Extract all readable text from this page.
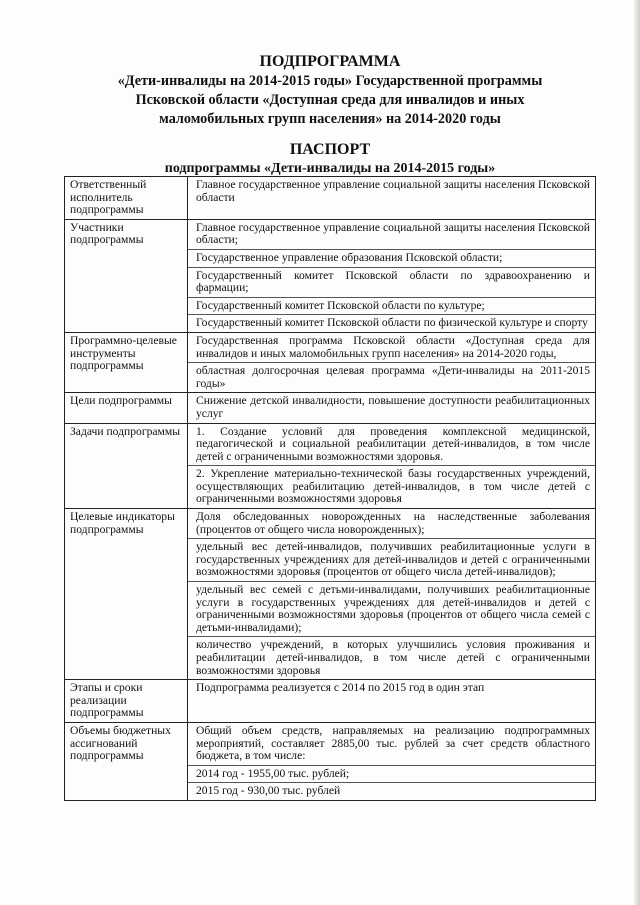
ПОДПРОГРАММА
«Дети-инвалиды на 2014-2015 годы» Государственной программы
Псковской области «Доступная среда для инвалидов и иных
маломобильных групп населения» на 2014-2020 годы
ПАСПОРТ
подпрограммы «Дети-инвалиды на 2014-2015 годы»
Ответственный исполнитель подпрограммы	Главное государственное управление социальной защиты населения Псковской области

Участники подпрограммы	Главное государственное управление социальной защиты населения Псковской области;
Государственное управление образования Псковской области;
Государственный комитет Псковской области по здравоохранению и фармации;
Государственный комитет Псковской области по культуре;
Государственный комитет Псковской области по физической культуре и спорту

Программно-целевые инструменты подпрограммы	Государственная программа Псковской области «Доступная среда для инвалидов и иных маломобильных групп населения» на 2014-2020 годы,
областная долгосрочная целевая программа «Дети-инвалиды на 2011-2015 годы»

Цели подпрограммы	Снижение детской инвалидности, повышение доступности реабилитационных услуг

Задачи подпрограммы	1. Создание условий для проведения комплексной медицинской, педагогической и социальной реабилитации детей-инвалидов, в том числе детей с ограниченными возможностями здоровья.
2. Укрепление материально-технической базы государственных учреждений, осуществляющих реабилитацию детей-инвалидов, в том числе детей с ограниченными возможностями здоровья

Целевые индикаторы подпрограммы	Доля обследованных новорожденных на наследственные заболевания (процентов от общего числа новорожденных);
удельный вес детей-инвалидов, получивших реабилитационные услуги в государственных учреждениях для детей-инвалидов и детей с ограниченными возможностями здоровья (процентов от общего числа детей-инвалидов);
удельный вес семей с детьми-инвалидами, получивших реабилитационные услуги в государственных учреждениях для детей-инвалидов и детей с ограниченными возможностями здоровья (процентов от общего числа семей с детьми-инвалидами);
количество учреждений, в которых улучшились условия проживания и реабилитации детей-инвалидов, в том числе детей с ограниченными возможностями здоровья

Этапы и сроки реализации подпрограммы	Подпрограмма реализуется с 2014 по 2015 год в один этап

Объемы бюджетных ассигнований подпрограммы	Общий объем средств, направляемых на реализацию подпрограммных мероприятий, составляет 2885,00 тыс. рублей за счет средств областного бюджета, в том числе:
2014 год - 1955,00 тыс. рублей;
2015 год - 930,00 тыс. рублей
